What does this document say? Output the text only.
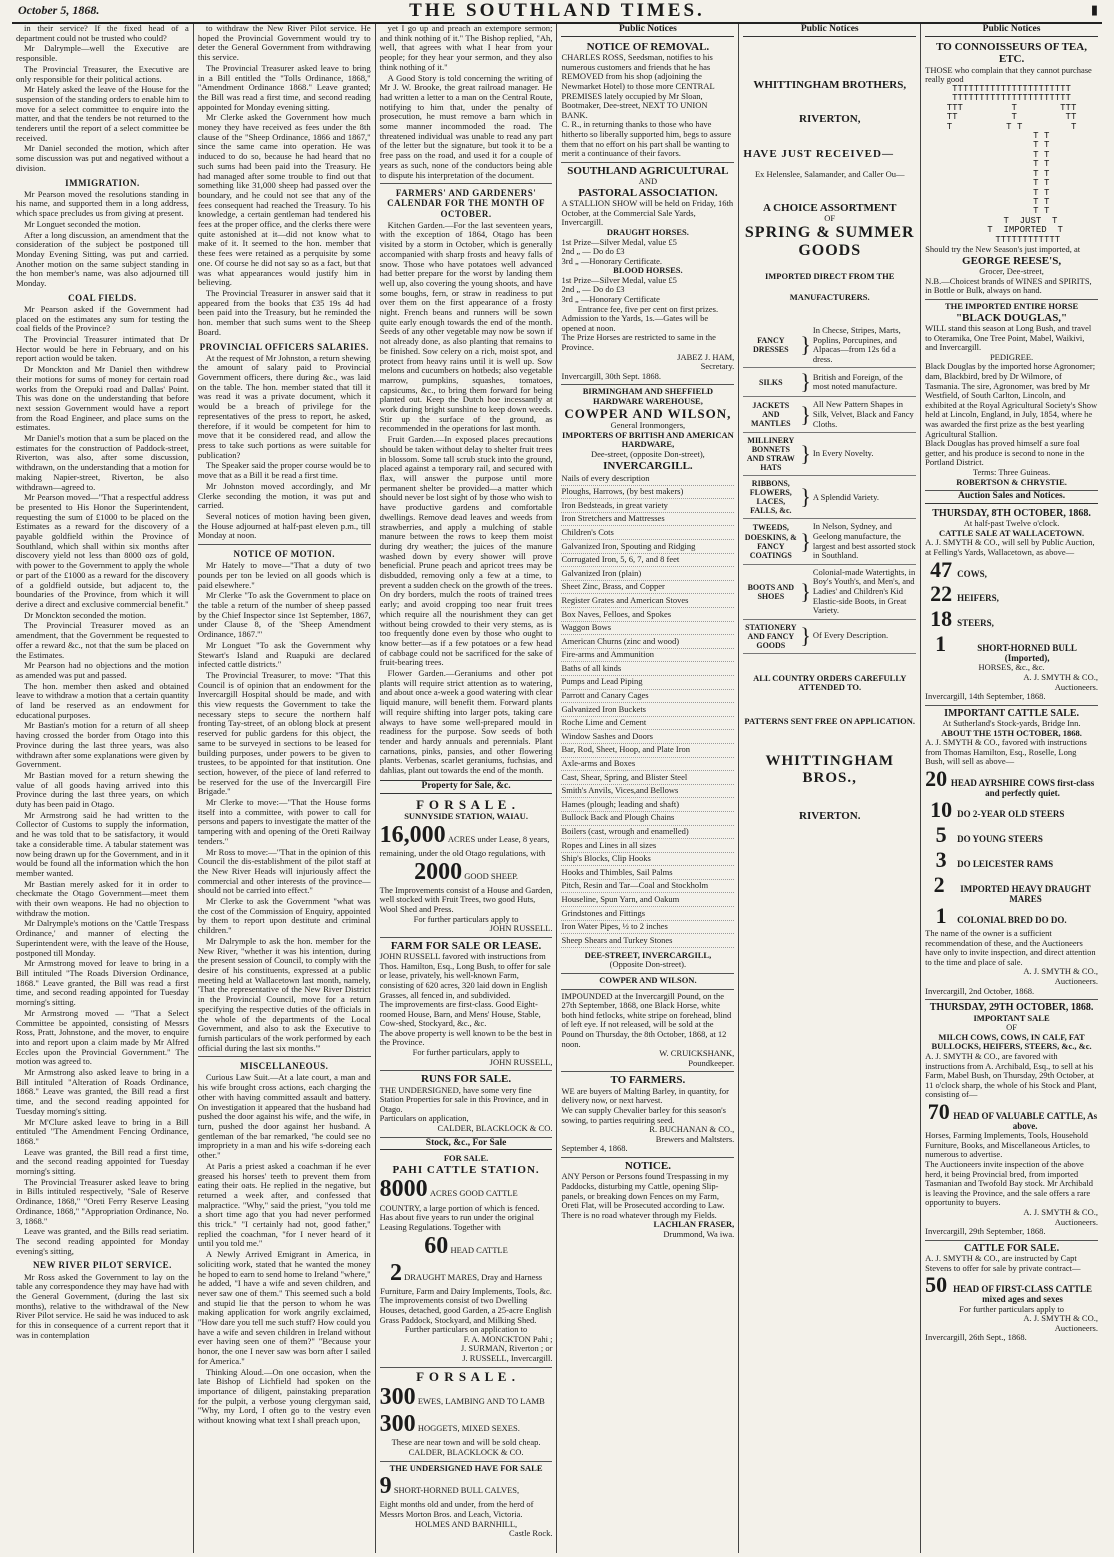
October 5, 1868.	THE SOUTHLAND TIMES.	▮

in their service? If the fixed head of a department could not be trusted who could?

Mr Dalrymple—well the Executive are responsible.

The Provincial Treasurer, the Executive are only responsible for their political actions.

Mr Hately asked the leave of the House for the suspension of the standing orders to enable him to move for a select committee to enquire into the matter, and that the tenders be not returned to the tenderers until the report of a select committee be received.

Mr Daniel seconded the motion, which after some discussion was put and negatived without a division.

IMMIGRATION.

Mr Pearson moved the resolutions standing in his name, and supported them in a long address, which space precludes us from giving at present.

Mr Longuet seconded the motion.

After a long discussion, an amendment that the consideration of the subject be postponed till Monday Evening Sitting, was put and carried. Another motion on the same subject standing in the hon member's name, was also adjourned till Monday.

COAL FIELDS.

Mr Pearson asked if the Government had placed on the estimates any sum for testing the coal fields of the Province?

The Provincial Treasurer intimated that Dr Hector would be here in February, and on his report action would be taken.

Dr Monckton and Mr Daniel then withdrew their motions for sums of money for certain road works from the Orepuki road and Dallas' Point. This was done on the understanding that before next session Government would have a report from the Road Engineer, and place sums on the estimates.

Mr Daniel's motion that a sum be placed on the estimates for the construction of Paddock-street, Riverton, was also, after some discussion, withdrawn, on the understanding that a motion for making Napier-street, Riverton, be also withdrawn—agreed to.

Mr Pearson moved—"That a respectful address be presented to His Honor the Superintendent, requesting the sum of £1000 to be placed on the Estimates as a reward for the discovery of a payable goldfield within the Province of Southland, which shall within six months after discovery yield not less than 8000 ozs of gold, with power to the Government to apply the whole or part of the £1000 as a reward for the discovery of a goldfield outside, but adjacent to, the boundaries of the Province, from which it will derive a direct and exclusive commercial benefit."

Dr Monckton seconded the motion.

The Provincial Treasurer moved as an amendment, that the Government be requested to offer a reward &c., not that the sum be placed on the Estimates.

Mr Pearson had no objections and the motion as amended was put and passed.

The hon. member then asked and obtained leave to withdraw a motion that a certain quantity of land be reserved as an endowment for educational purposes.

Mr Bastian's motion for a return of all sheep having crossed the border from Otago into this Province during the last three years, was also withdrawn after some explanations were given by Government.

Mr Bastian moved for a return shewing the value of all goods having arrived into this Province during the last three years, on which duty has been paid in Otago.

Mr Armstrong said he had written to the Collector of Customs to supply the information, and he was told that to be satisfactory, it would take a considerable time. A tabular statement was now being drawn up for the Government, and in it would be found all the information which the hon member wanted.

Mr Bastian merely asked for it in order to checkmate the Otago Government—meet them with their own weapons. He had no objection to withdraw the motion.

Mr Dalrymple's motions on the 'Cattle Trespass Ordinance,' and manner of electing the Superintendent were, with the leave of the House, postponed till Monday.

Mr Armstrong moved for leave to bring in a Bill intituled "The Roads Diversion Ordinance, 1868." Leave granted, the Bill was read a first time, and second reading appointed for Tuesday morning's sitting.

Mr Armstrong moved — "That a Select Committee be appointed, consisting of Messrs Ross, Pratt, Johnstone, and the mover, to enquire into and report upon a claim made by Mr Alfred Eccles upon the Provincial Government." The motion was agreed to.

Mr Armstrong also asked leave to bring in a Bill intituled "Alteration of Roads Ordinance, 1868." Leave was granted, the Bill read a first time, and the second reading appointed for Tuesday morning's sitting.

Mr M'Clure asked leave to bring in a Bill entituled "The Amendment Fencing Ordinance, 1868."

Leave was granted, the Bill read a first time, and the second reading appointed for Tuesday morning's sitting.

The Provincial Treasurer asked leave to bring in Bills intituled respectively, "Sale of Reserve Ordinance, 1868," "Oreti Ferry Reserve Leasing Ordinance, 1868," "Appropriation Ordinance, No. 3, 1868."

Leave was granted, and the Bills read seriatim. The second reading appointed for Monday evening's sitting,

NEW RIVER PILOT SERVICE.

Mr Ross asked the Government to lay on the table any correspondence they may have had with the General Government, (during the last six months), relative to the withdrawal of the New River Pilot service. He said he was induced to ask for this in consequence of a current report that it was in contemplation

to withdraw the New River Pilot service. He hoped the Provincial Government would try to deter the General Government from withdrawing this service.

The Provincial Treasurer asked leave to bring in a Bill entitled the "Tolls Ordinance, 1868," "Amendment Ordinance 1868." Leave granted; the Bill was read a first time, and second reading appointed for Monday evening sitting.

Mr Clerke asked the Government how much money they have received as fees under the 8th clause of the "Sheep Ordinance, 1866 and 1867," since the same came into operation. He was induced to do so, because he had heard that no such sums had been paid into the Treasury. He had managed after some trouble to find out that something like 31,000 sheep had passed over the boundary, and he could not see that any of the fees consequent had reached the Treasury. To his knowledge, a certain gentleman had tendered his fees at the proper office, and the clerks there were quite astonished at it—did not know what to make of it. It seemed to the hon. member that these fees were retained as a perquisite by some one. Of course he did not say so as a fact, but that was what appearances would justify him in believing.

The Provincial Treasurer in answer said that it appeared from the books that £35 19s 4d had been paid into the Treasury, but he reminded the hon. member that such sums went to the Sheep Board.

PROVINCIAL OFFICERS SALARIES.

At the request of Mr Johnston, a return shewing the amount of salary paid to Provincial Government officers, there during &c., was laid on the table. The hon. member stated that till it was read it was a private document, which it would be a breach of privilege for the representatives of the press to report, he asked, therefore, if it would be competent for him to move that it be considered read, and allow the press to take such portions as were suitable for publication?

The Speaker said the proper course would be to move that as a Bill it be read a first time.

Mr Johnston moved accordingly, and Mr Clerke seconding the motion, it was put and carried.

Several notices of motion having been given, the House adjourned at half-past eleven p.m., till Monday at noon.

NOTICE OF MOTION.

Mr Hately to move—"That a duty of two pounds per ton be levied on all goods which is paid elsewhere."

Mr Clerke "To ask the Government to place on the table a return of the number of sheep passed by the Chief Inspector since 1st September, 1867, under Clause 8, of the 'Sheep Amendment Ordinance, 1867.'"

Mr Longuet "To ask the Government why Stewart's Island and Ruapuki are declared infected cattle districts."

The Provincial Treasurer, to move: "That this Council is of opinion that an endowment for the Invercargill Hospital should be made, and with this view requests the Government to take the necessary steps to secure the northern half fronting Tay-street, of an oblong block at present reserved for public gardens for this object, the same to be surveyed in sections to be leased for building purposes, under powers to be given to trustees, to be appointed for that institution. One section, however, of the piece of land referred to be reserved for the use of the Invercargill Fire Brigade."

Mr Clerke to move:—"That the House forms itself into a committee, with power to call for persons and papers to investigate the matter of the tampering with and opening of the Oreti Railway tenders."

Mr Ross to move:—"That in the opinion of this Council the dis-establishment of the pilot staff at the New River Heads will injuriously affect the commercial and other interests of the province—should not be carried into effect."

Mr Clerke to ask the Government "what was the cost of the Commission of Enquiry, appointed by them to report upon destitute and criminal children."

Mr Dalrymple to ask the hon. member for the New River, "whether it was his intention, during the present session of Council, to comply with the desire of his constituents, expressed at a public meeting held at Wallacetown last month, namely, 'That the representative of the New River District in the Provincial Council, move for a return specifying the respective duties of the officials in the whole of the departments of the Local Government, and also to ask the Executive to furnish particulars of the work performed by each official during the last six months.'"

MISCELLANEOUS.

Curious Law Suit.—At a late court, a man and his wife brought cross actions, each charging the other with having committed assault and battery. On investigation it appeared that the husband had pushed the door against his wife, and the wife, in turn, pushed the door against her husband. A gentleman of the bar remarked, "he could see no impropriety in a man and his wife s-doreing each other."

At Paris a priest asked a coachman if he ever greased his horses' teeth to prevent them from eating their oats. He replied in the negative, but returned a week after, and confessed that malpractice. "Why," said the priest, "you told me a short time ago that you had never performed this trick." "I certainly had not, good father," replied the coachman, "for I never heard of it until you told me."

A Newly Arrived Emigrant in America, in soliciting work, stated that he wanted the money he hoped to earn to send home to Ireland "where," he added, "I have a wife and seven children, and never saw one of them." This seemed such a bold and stupid lie that the person to whom he was making application for work angrily exclaimed, "How dare you tell me such stuff? How could you have a wife and seven children in Ireland without ever having seen one of them?" "Because your honor, the one I never saw was born after I sailed for America."

Thinking Aloud.—On one occasion, when the late Bishop of Lichfield had spoken on the importance of diligent, painstaking preparation for the pulpit, a verbose young clergyman said, "Why, my Lord, I often go to the vestry even without knowing what text I shall preach upon,

yet I go up and preach an extempore sermon; and think nothing of it." The Bishop replied, "Ah, well, that agrees with what I hear from your people; for they hear your sermon, and they also think nothing of it."

A Good Story is told concerning the writing of Mr J. W. Brooke, the great railroad manager. He had written a letter to a man on the Central Route, notifying to him that, under the penalty of prosecution, he must remove a barn which in some manner incommoded the road. The threatened individual was unable to read any part of the letter but the signature, but took it to be a free pass on the road, and used it for a couple of years as such, none of the conductors being able to dispute his interpretation of the document.

FARMERS' AND GARDENERS' CALENDAR FOR THE MONTH OF OCTOBER.

Kitchen Garden.—For the last seventeen years, with the exception of 1864, Otago has been visited by a storm in October, which is generally accompanied with sharp frosts and heavy falls of snow. Those who have potatoes well advanced had better prepare for the worst by landing them well up, also covering the young shoots, and have some boughs, fern, or straw in readiness to put over them on the first appearance of a frosty night. French beans and runners will be sown quite early enough towards the end of the month. Seeds of any other vegetable may now be sown if not already done, as also planting that remains to be finished. Sow celery on a rich, moist spot, and protect from heavy rains until it is well up. Sow melons and cucumbers on hotbeds; also vegetable marrow, pumpkins, squashes, tomatoes, capsicums, &c., to bring them forward for being planted out. Keep the Dutch hoe incessantly at work during bright sunshine to keep down weeds. Stir up the surface of the ground, as recommended in the operations for last month.

Fruit Garden.—In exposed places precautions should be taken without delay to shelter fruit trees in blossom. Some tall scrub stuck into the ground, placed against a temporary rail, and secured with flax, will answer the purpose until more permanent shelter be provided—a matter which should never be lost sight of by those who wish to have productive gardens and comfortable dwellings. Remove dead leaves and weeds from strawberries, and apply a mulching of stable manure between the rows to keep them moist during dry weather; the juices of the manure washed down by every shower will prove beneficial. Prune peach and apricot trees may be disbudded, removing only a few at a time, to prevent a sudden check on the growth of the trees. On dry borders, mulch the roots of trained trees early; and avoid cropping too near fruit trees which require all the nourishment they can get without being crowded to their very stems, as is too frequently done even by those who ought to know better—as if a few potatoes or a few head of cabbage could not be sacrificed for the sake of fruit-bearing trees.

Flower Garden.—Geraniums and other pot plants will require strict attention as to watering, and about once a-week a good watering with clear liquid manure, will benefit them. Forward plants will require shifting into larger pots, taking care always to have some well-prepared mould in readiness for the purpose. Sow seeds of both tender and hardy annuals and perennials. Plant carnations, pinks, pansies, and other flowering plants. Verbenas, scarlet geraniums, fuchsias, and dahlias, plant out towards the end of the month.

Property for Sale, &c.
F O R S A L E .
SUNNYSIDE STATION, WAIAU.
16,000 ACRES under Lease, 8 years, remaining, under the old Otago regulations, with
2000 GOOD SHEEP.
The Improvements consist of a House and Garden, well stocked with Fruit Trees, two good Huts, Wool Shed and Press.
For further particulars apply to
JOHN RUSSELL.
FARM FOR SALE OR LEASE.
JOHN RUSSELL favored with instructions from Thos. Hamilton, Esq., Long Bush, to offer for sale or lease, privately, his well-known Farm, consisting of 620 acres, 320 laid down in English Grasses, all fenced in, and subdivided.
The improvements are first-class. Good Eight-roomed House, Barn, and Mens' House, Stable, Cow-shed, Stockyard, &c., &c.
The above property is well known to be the best in the Province.
For further particulars, apply to
JOHN RUSSELL,
RUNS FOR SALE.
THE UNDERSIGNED, have some very fine Station Properties for sale in this Province, and in Otago.
Particulars on application,
CALDER, BLACKLOCK & CO.
Stock, &c., For Sale
FOR SALE.
PAHI CATTLE STATION.
8000 ACRES GOOD CATTLE COUNTRY, a large portion of which is fenced. Has about five years to run under the original Leasing Regulations. Together with
60 HEAD CATTLE
2 DRAUGHT MARES, Dray and Harness
Furniture, Farm and Dairy Implements, Tools, &c.
The improvements consist of two Dwelling Houses, detached, good Garden, a 25-acre English Grass Paddock, Stockyard, and Milking Shed.
Further particulars on application to
F. A. MONCKTON Pahi ;
J. SURMAN, Riverton ; or
J. RUSSELL, Invercargill.
F O R S A L E .
300 EWES, LAMBING AND TO LAMB
300 HOGGETS, MIXED SEXES.
These are near town and will be sold cheap.
CALDER, BLACKLOCK & CO.
THE UNDERSIGNED HAVE FOR SALE
9 SHORT-HORNED BULL CALVES,
Eight months old and under, from the herd of Messrs Morton Bros. and Leach, Victoria.
HOLMES AND BARNHILL,
Castle Rock.
Public Notices
NOTICE OF REMOVAL.
CHARLES ROSS, Seedsman, notifies to his numerous customers and friends that he has REMOVED from his shop (adjoining the Newmarket Hotel) to those more CENTRAL PREMISES lately occupied by Mr Sloan, Bootmaker, Dee-street, NEXT TO UNION BANK.
C. R., in returning thanks to those who have hitherto so liberally supported him, begs to assure them that no effort on his part shall be wanting to merit a continuance of their favors.
SOUTHLAND AGRICULTURAL
AND
PASTORAL ASSOCIATION.
A STALLION SHOW will be held on Friday, 16th October, at the Commercial Sale Yards, Invercargill.
DRAUGHT HORSES.
1st Prize—Silver Medal, value £5
2nd „ — Do do £3
3rd „ —Honorary Certificate.
BLOOD HORSES.
1st Prize—Silver Medal, value £5
2nd „ — Do do £3
3rd „ —Honorary Certificate
Entrance fee, five per cent on first prizes.
Admission to the Yards, 1s.—Gates will be opened at noon.
The Prize Horses are restricted to same in the Province.
JABEZ J. HAM,
Secretary.
Invercargill, 30th Sept. 1868.
BIRMINGHAM AND SHEFFIELD
HARDWARE WAREHOUSE,
COWPER AND WILSON,
General Ironmongers,
IMPORTERS OF BRITISH AND AMERICAN
HARDWARE,
Dee-street, (opposite Don-street),
INVERCARGILL.
Nails of every description
Ploughs, Harrows, (by best makers)
Iron Bedsteads, in great variety
Iron Stretchers and Mattresses
Children's Cots
Galvanized Iron, Spouting and Ridging
Corrugated Iron, 5, 6, 7, and 8 feet
Galvanized Iron (plain)
Sheet Zinc, Brass, and Copper
Register Grates and American Stoves
Box Naves, Felloes, and Spokes
Waggon Bows
American Churns (zinc and wood)
Fire-arms and Ammunition
Baths of all kinds
Pumps and Lead Piping
Parrott and Canary Cages
Galvanized Iron Buckets
Roche Lime and Cement
Window Sashes and Doors
Bar, Rod, Sheet, Hoop, and Plate Iron
Axle-arms and Boxes
Cast, Shear, Spring, and Blister Steel
Smith's Anvils, Vices,and Bellows
Hames (plough; leading and shaft)
Bullock Back and Plough Chains
Boilers (cast, wrough and enamelled)
Ropes and Lines in all sizes
Ship's Blocks, Clip Hooks
Hooks and Thimbles, Sail Palms
Pitch, Resin and Tar—Coal and Stockholm
Houseline, Spun Yarn, and Oakum
Grindstones and Fittings
Iron Water Pipes, ½ to 2 inches
Sheep Shears and Turkey Stones
DEE-STREET, INVERCARGILL,
(Opposite Don-street).
COWPER AND WILSON.
IMPOUNDED at the Invercargill Pound, on the 27th September, 1868, one Black Horse, white both hind fetlocks, white stripe on forehead, blind of left eye. If not released, will be sold at the Pound on Thursday, the 8th October, 1868, at 12 noon.
W. CRUICKSHANK,
Poundkeeper.
TO FARMERS.
WE are buyers of Malting Barley, in quantity, for delivery now, or next harvest.
We can supply Chevalier barley for this season's sowing, to parties requiring seed.
R. BUCHANAN & CO.,
Brewers and Maltsters.
September 4, 1868.
NOTICE.
ANY Person or Persons found Trespassing in my Paddocks, disturbing my Cattle, opening Slip-panels, or breaking down Fences on my Farm, Oreti Flat, will be Prosecuted according to Law.
There is no road whatever through my Fields.
LACHLAN FRASER,
Drummond, Wa iwa.
Public Notices
WHITTINGHAM BROTHERS,
RIVERTON,
HAVE JUST RECEIVED—
Ex Helenslee, Salamander, and Caller Ou—
A CHOICE ASSORTMENT
OF
SPRING & SUMMER GOODS
IMPORTED DIRECT FROM THE
MANUFACTURERS.
FANCY DRESSES }
In Checse, Stripes, Marts, Poplins, Porcupines, and Alpacas—from 12s 6d a dress.
SILKS } British and Foreign, of the most noted manufacture.
JACKETS AND MANTLES } All New Pattern Shapes in Silk, Velvet, Black and Fancy Cloths.
MILLINERY BONNETS AND STRAW HATS
} In Every Novelty.
RIBBONS, FLOWERS, LACES, FALLS, &c.
} A Splendid Variety.
TWEEDS, DOESKINS, & FANCY COATINGS
}
In Nelson, Sydney, and Geelong manufacture, the largest and best assorted stock in Southland.
BOOTS AND SHOES }
Colonial-made Watertights, in Boy's Youth's, and Men's, and Ladies' and Children's Kid Elastic-side Boots, in Great Variety.
STATIONERY AND FANCY GOODS } Of Every Description.
ALL COUNTRY ORDERS CAREFULLY ATTENDED TO.
PATTERNS SENT FREE ON APPLICATION.
WHITTINGHAM BROS.,
RIVERTON.
Public Notices
TO CONNOISSEURS OF TEA, ETC.
THOSE who complain that they cannot purchase really good
TTTTTTTTTTTTTTTTTTTTTT
TTTTTTTTTTTTTTTTTTTTTT
TTT         T        TTT
TT          T         TT
T          T T         T
T T
T T
T T
T T
T T
T T
T T
T T
T T
T  JUST  T
T  IMPORTED  T
TTTTTTTTTTTT
Should try the New Season's just imported, at
GEORGE REESE'S,
Grocer, Dee-street,
N.B.—Choicest brands of WINES and SPIRITS, in Bottle or Bulk, always on hand.
THE IMPORTED ENTIRE HORSE
"BLACK DOUGLAS,"
WILL stand this season at Long Bush, and travel to Oteramika, One Tree Point, Mabel, Waikivi, and Invercargill.
PEDIGREE.
Black Douglas by the imported horse Agronomer; dam, Blackbird, bred by Dr Wilmore, of Tasmania. The sire, Agronomer, was bred by Mr Westfield, of South Carlton, Lincoln, and exhibited at the Royal Agricultural Society's Show held at Lincoln, England, in July, 1854, where he was awarded the first prize as the best yearling Agricultural Stallion.
Black Douglas has proved himself a sure foal getter, and his produce is second to none in the Portland District.
Terms: Three Guineas.
ROBERTSON & CHRYSTIE.
Auction Sales and Notices.
THURSDAY, 8TH OCTOBER, 1868.
At half-past Twelve o'clock.
CATTLE SALE AT WALLACETOWN.
A. J. SMYTH & CO., will sell by Public Auction, at Felling's Yards, Wallacetown, as above—
47 COWS,
22 HEIFERS,
18 STEERS,
1	SHORT-HORNED BULL (Imported),
HORSES, &c., &c.
A. J. SMYTH & CO.,
Auctioneers.
Invercargill, 14th September, 1868.
IMPORTANT CATTLE SALE.
At Sutherland's Stock-yards, Bridge Inn.
ABOUT THE 15TH OCTOBER, 1868.
A. J. SMYTH & CO., favored with instructions from Thomas Hamilton, Esq., Roselle, Long Bush, will sell as above—
20 HEAD AYRSHIRE COWS first-class and perfectly quiet.
10 DO 2-YEAR OLD STEERS
5	DO YOUNG STEERS
3	DO LEICESTER RAMS
2	IMPORTED HEAVY DRAUGHT MARES
1	COLONIAL BRED DO DO.
The name of the owner is a sufficient recommendation of these, and the Auctioneers have only to invite inspection, and direct attention to the time and place of sale.
A. J. SMYTH & CO.,
Auctioneers.
Invercargill, 2nd October, 1868.
THURSDAY, 29TH OCTOBER, 1868.
IMPORTANT SALE
OF
MILCH COWS, COWS, IN CALF, FAT
BULLOCKS, HEIFERS, STEERS, &c., &c.
A. J. SMYTH & CO., are favored with instructions from A. Archibald, Esq., to sell at his Farm, Mabel Bush, on Thursday, 29th October, at 11 o'clock sharp, the whole of his Stock and Plant, consisting of—
70 HEAD OF VALUABLE CATTLE, As above.
Horses, Farming Implements, Tools, Household Furniture, Books, and Miscellaneous Articles, to numerous to advertise.
The Auctioneers invite inspection of the above herd, it being Provincial bred, from imported Tasmanian and Twofold Bay stock. Mr Archibald is leaving the Province, and the sale offers a rare opportunity to buyers.
A. J. SMYTH & CO.,
Auctioneers.
Invercargill, 29th September, 1868.
CATTLE FOR SALE.
A. J. SMYTH & CO., are instructed by Capt Stevens to offer for sale by private contract—
50 HEAD OF FIRST-CLASS CATTLE mixed ages and sexes
For further particulars apply to
A. J. SMYTH & CO.,
Auctioneers.
Invercargill, 26th Sept., 1868.
